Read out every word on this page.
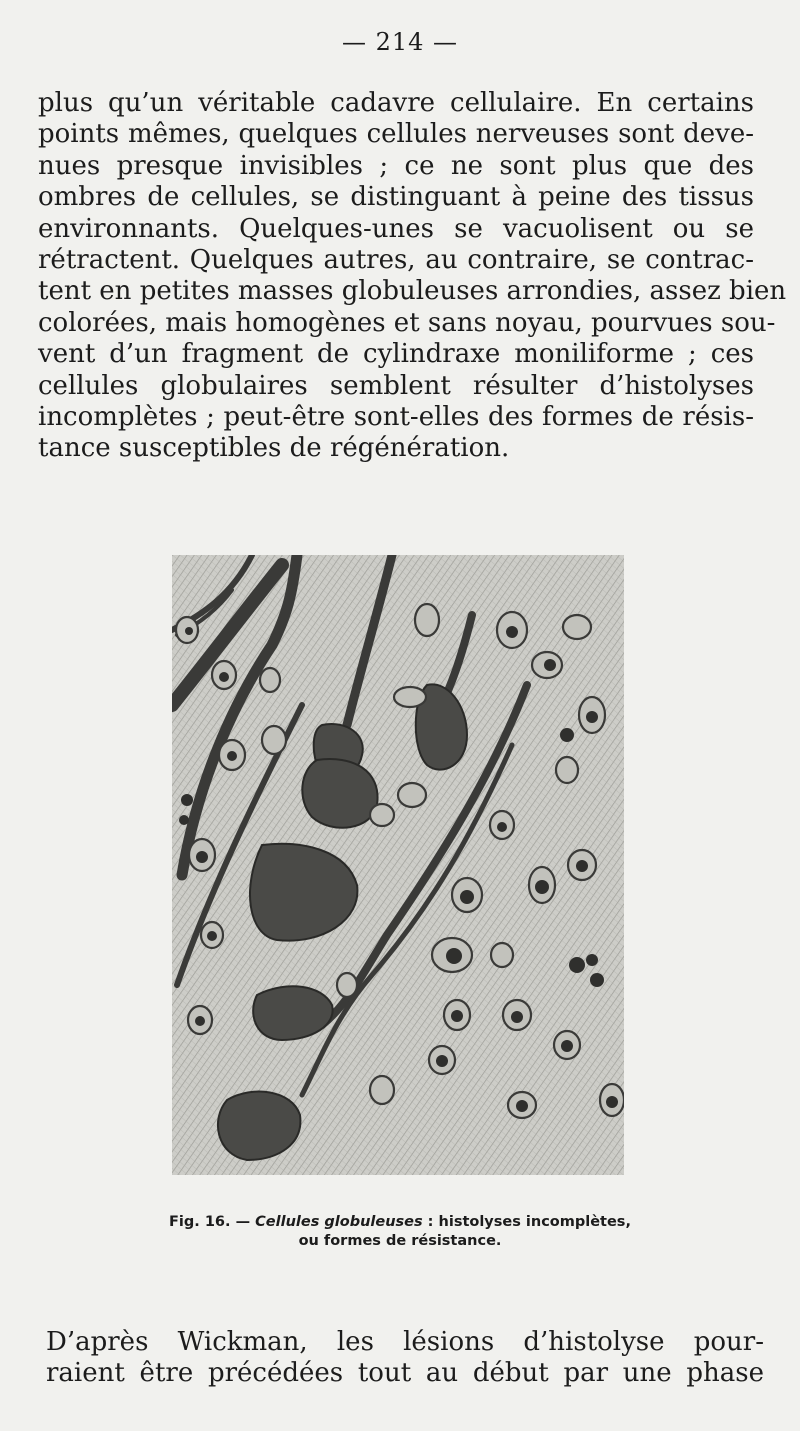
— 214 —

plus qu’un véritable cadavre cellulaire. En certains
points mêmes, quelques cellules nerveuses sont deve-
nues presque invisibles ; ce ne sont plus que des
ombres de cellules, se distinguant à peine des tissus
environnants. Quelques-unes se vacuolisent ou se
rétractent. Quelques autres, au contraire, se contrac-
tent en petites masses globuleuses arrondies, assez bien
colorées, mais homogènes et sans noyau, pourvues sou-
vent d’un fragment de cylindraxe moniliforme ; ces
cellules globulaires semblent résulter d’histolyses
incomplètes ; peut-être sont-elles des formes de résis-
tance susceptibles de régénération.

Fig. 16. — Cellules globuleuses : histolyses incomplètes,
ou formes de résistance.
D’après Wickman, les lésions d’histolyse pour-
raient être précédées tout au début par une phase
